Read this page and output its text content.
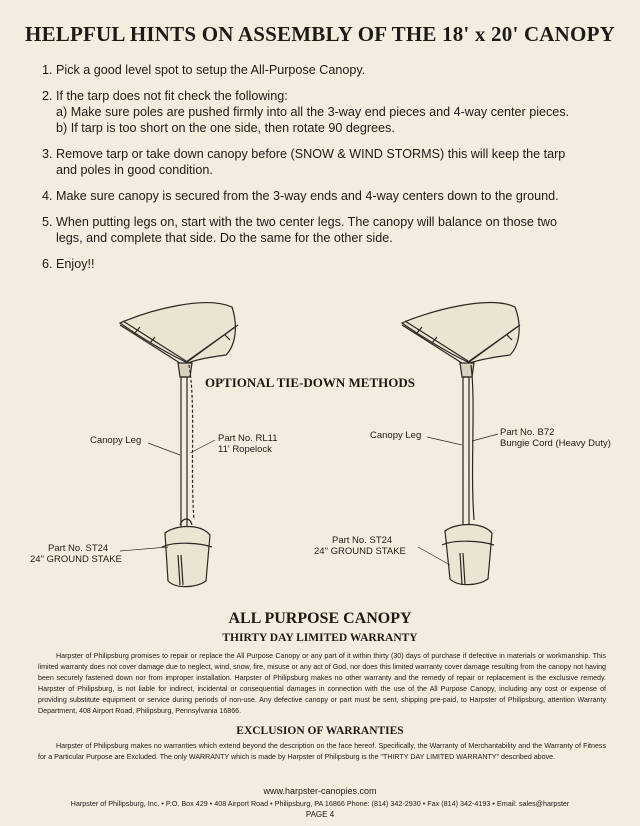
HELPFUL HINTS ON ASSEMBLY OF THE 18' x 20' CANOPY
1. Pick a good level spot to setup the All-Purpose Canopy.
2. If the tarp does not fit check the following:
a) Make sure poles are pushed firmly into all the 3-way end pieces and 4-way center pieces.
b) If tarp is too short on the one side, then rotate 90 degrees.
3. Remove tarp or take down canopy before (SNOW & WIND STORMS) this will keep the tarp
and poles in good condition.
4. Make sure canopy is secured from the 3-way ends and 4-way centers down to the ground.
5. When putting legs on, start with the two center legs. The canopy will balance on those two
legs, and complete that side. Do the same for the other side.
6. Enjoy!!
OPTIONAL TIE-DOWN METHODS
Canopy Leg	Part No. RL11
11' Ropelock
Part No. ST24
24" GROUND STAKE
Canopy Leg	Part No. B72
Bungie Cord (Heavy Duty)
Part No. ST24
24" GROUND STAKE
ALL PURPOSE CANOPY
THIRTY DAY LIMITED WARRANTY

Harpster of Philipsburg promises to repair or replace the All Purpose Canopy or any part of it within thirty (30) days of purchase if defective in materials or workmanship. This limited warranty does not cover damage due to neglect, wind, snow, fire, misuse or any act of God, nor does this limited warranty cover damage resulting from the canopy not having been securely fastened down nor from improper installation. Harpster of Philipsburg makes no other warranty and the remedy of repair or replacement is the exclusive remedy. Harpster of Philipsburg, is not liable for indirect, incidental or consequential damages in connection with the use of the All Purpose Canopy, including any cost or expense of providing substitute equipment or service during periods of non-use. Any defective canopy or part must be sent, shipping pre-paid, to Harpster of Philipsburg, attention Warranty Department, 408 Airport Road, Philipsburg, Pennsylvania 16866.

EXCLUSION OF WARRANTIES

Harpster of Philipsburg makes no warranties which extend beyond the description on the face hereof. Specifically, the Warranty of Merchantability and the Warranty of Fitness for a Particular Purpose are Excluded. The only WARRANTY which is made by Harpster of Philipsburg is the "THIRTY DAY LIMITED WARRANTY" described above.

www.harpster-canopies.com
Harpster of Philipsburg, Inc. • P.O. Box 429 • 408 Airport Road • Philipsburg, PA 16866 Phone: (814) 342-2930 • Fax (814) 342-4193 • Email: sales@harpster
PAGE 4
